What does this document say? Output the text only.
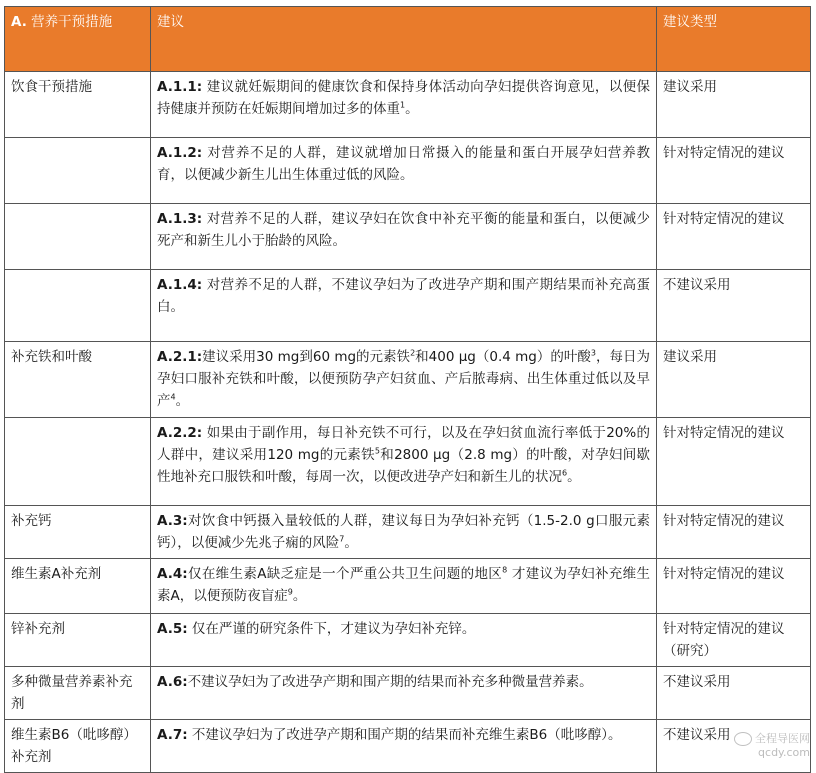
A. 营养干预措施	建议	建议类型
饮食干预措施	A.1.1: 建议就妊娠期间的健康饮食和保持身体活动向孕妇提供咨询意见，以便保持健康并预防在妊娠期间增加过多的体重$^1$。	建议采用
	A.1.2: 对营养不足的人群，建议就增加日常摄入的能量和蛋白开展孕妇营养教育，以便减少新生儿出生体重过低的风险。	针对特定情况的建议
	A.1.3: 对营养不足的人群，建议孕妇在饮食中补充平衡的能量和蛋白，以便减少死产和新生儿小于胎龄的风险。	针对特定情况的建议
	A.1.4: 对营养不足的人群，不建议孕妇为了改进孕产期和围产期结果而补充高蛋白。	不建议采用
补充铁和叶酸	A.2.1:建议采用30 mg到60 mg的元素铁$^2$和400 µg（0.4 mg）的叶酸$^3$，每日为孕妇口服补充铁和叶酸，以便预防孕产妇贫血、产后脓毒病、出生体重过低以及早产$^4$。	建议采用
	A.2.2: 如果由于副作用，每日补充铁不可行，以及在孕妇贫血流行率低于20%的人群中，建议采用120 mg的元素铁$^5$和2800 µg（2.8 mg）的叶酸，对孕妇间歇性地补充口服铁和叶酸，每周一次，以便改进孕产妇和新生儿的状况$^6$。	针对特定情况的建议
补充钙	A.3:对饮食中钙摄入量较低的人群，建议每日为孕妇补充钙（1.5-2.0 g口服元素钙），以便减少先兆子痫的风险$^7$。	针对特定情况的建议
维生素A补充剂	A.4:仅在维生素A缺乏症是一个严重公共卫生问题的地区$^8$ 才建议为孕妇补充维生素A，以便预防夜盲症$^9$。	针对特定情况的建议
锌补充剂	A.5: 仅在严谨的研究条件下，才建议为孕妇补充锌。	针对特定情况的建议（研究）
多种微量营养素补充剂	A.6:不建议孕妇为了改进孕产期和围产期的结果而补充多种微量营养素。	不建议采用
维生素B6（吡哆醇）补充剂	A.7: 不建议孕妇为了改进孕产期和围产期的结果而补充维生素B6（吡哆醇）。	不建议采用	全程导医网
qcdy.com
